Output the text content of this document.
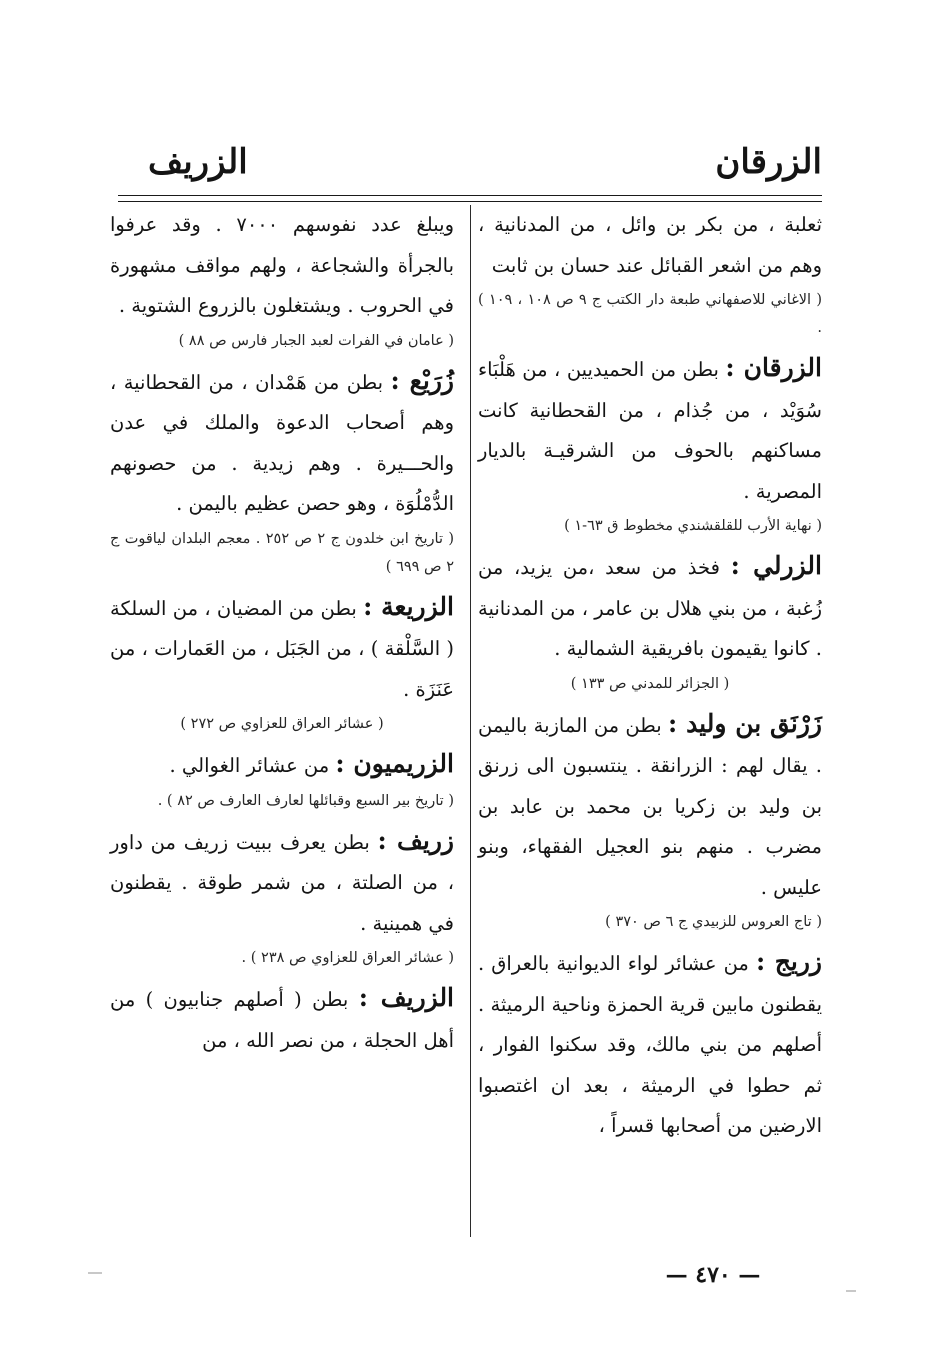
الزرقان
الزريف

ثعلبة ، من بكر بن وائل ، من المدنانية ، وهم من اشعر القبائل عند حسان بن ثابت

( الاغاني للاصفهاني طبعة دار الكتب ج ٩ ص ١٠٨ ، ١٠٩ ) .

الزرقان : بطن من الحميديين ، من هَلْبَاء سُوَيْد ، من جُذام ، من القحطانية كانت مساكنهم بالحوف من الشرقيـة بالديار المصرية .

( نهاية الأرب للقلقشندي مخطوط ق ٦٣-١ )

الزرلي : فخذ من سعد ،من يزيد، من زُغبة ، من بني هلال بن عامر ، من المدنانية . كانوا يقيمون بافريقية الشمالية .

( الجزائر للمدني ص ١٣٣ )

زَرْنَق بن وليد : بطن من المازبة باليمن . يقال لهم : الزرانقة . ينتسبون الى زرنق بن وليد بن زكريا بن محمد بن عابد بن مضرب . منهم بنو العجيل الفقهاء، وبنو عليس .

( تاج العروس للزبيدي ج ٦ ص ٣٧٠ )

زريج : من عشائر لواء الديوانية بالعراق . يقطنون مابين قرية الحمزة وناحية الرميثة . أصلهم من بني مالك، وقد سكنوا الفوار ، ثم حطوا في الرميثة ، بعد ان اغتصبوا الارضين من أصحابها قسراً ،

ويبلغ عدد نفوسهم ٧٠٠٠ . وقد عرفوا بالجرأة والشجاعة ، ولهم مواقف مشهورة في الحروب . ويشتغلون بالزروع الشتوية .

( عامان في الفرات لعبد الجبار فارس ص ٨٨ )

زُرَيْع : بطن من هَمْدان ، من القحطانية ، وهم أصحاب الدعوة والملك في عدن والحـــيرة . وهم زيدية . من حصونهم الدُّمْلُوَة ، وهو حصن عظيم باليمن .

( تاريخ ابن خلدون ج ٢ ص ٢٥٢ . معجم البلدان لياقوت ج ٢ ص ٦٩٩ )

الزريعة : بطن من المضيان ، من السلكة ( السَّلْقة ) ، من الجَبَل ، من العَمارات ، من عَنَزَة .

( عشائر العراق للعزاوي ص ٢٧٢ )

الزريميون : من عشائر الغوالي .

( تاريخ بير السبع وقبائلها لعارف العارف ص ٨٢ ) .

زريف : بطن يعرف ببيت زريف من داور ، من الصلتة ، من شمر طوقة . يقطنون في همينية .

( عشائر العراق للعزاوي ص ٢٣٨ ) .

الزريف : بطن ( أصلهم جنابيون ) من أهل الحجلة ، من نصر الله ، من

— ٤٧٠ —
